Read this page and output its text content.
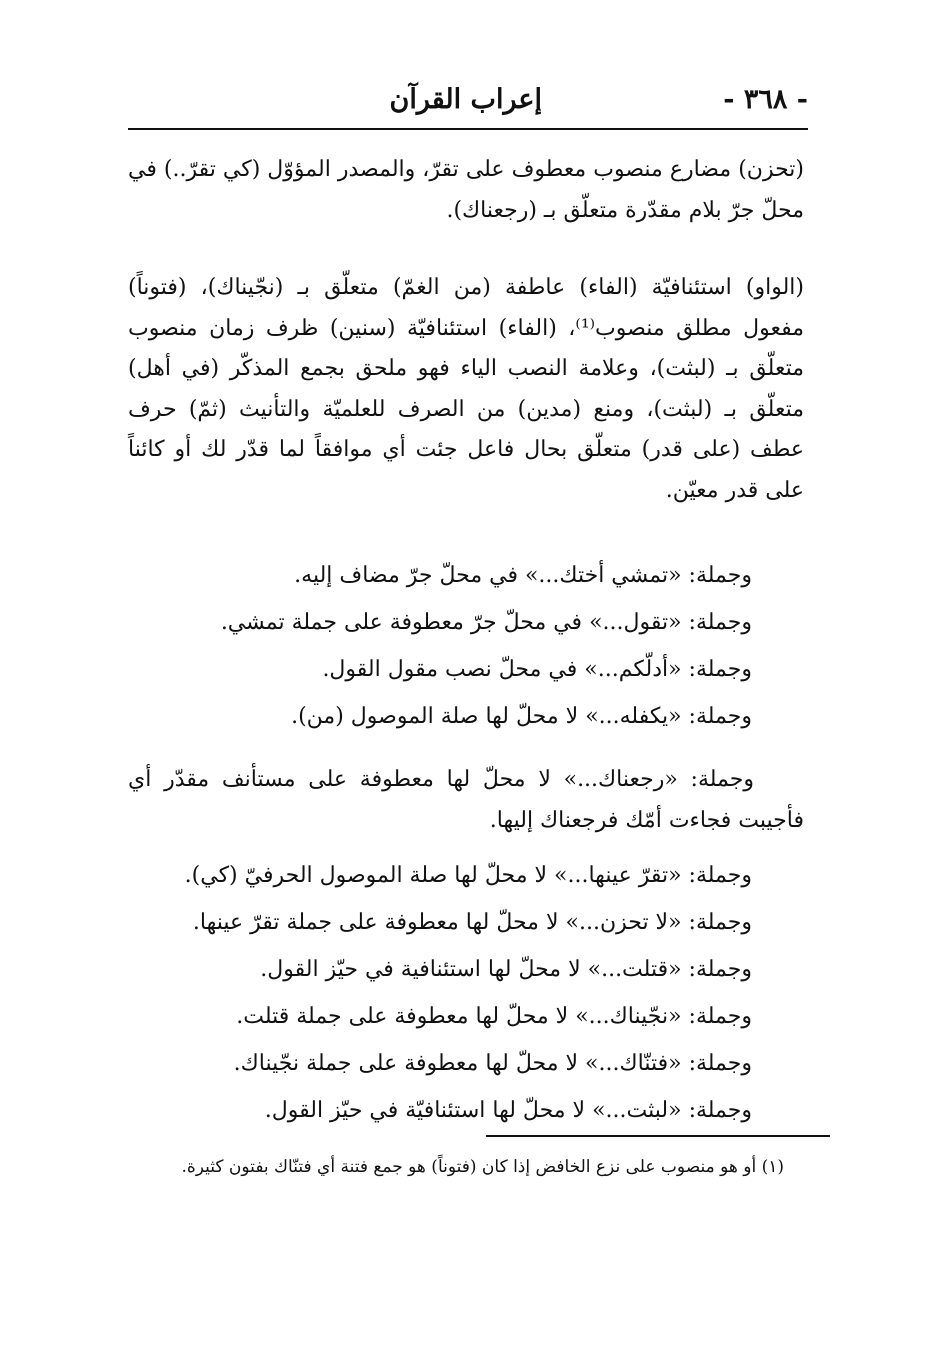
- ٣٦٨ -
إعراب القرآن
(تحزن) مضارع منصوب معطوف على تقرّ، والمصدر المؤوّل (كي تقرّ..) في محلّ جرّ بلام مقدّرة متعلّق بـ (رجعناك).
(الواو) استئنافيّة (الفاء) عاطفة (من الغمّ) متعلّق بـ (نجّيناك)، (فتوناً) مفعول مطلق منصوب⁽¹⁾، (الفاء) استئنافيّة (سنين) ظرف زمان منصوب متعلّق بـ (لبثت)، وعلامة النصب الياء فهو ملحق بجمع المذكّر (في أهل) متعلّق بـ (لبثت)، ومنع (مدين) من الصرف للعلميّة والتأنيث (ثمّ) حرف عطف (على قدر) متعلّق بحال فاعل جئت أي موافقاً لما قدّر لك أو كائناً على قدر معيّن.
وجملة: «تمشي أختك...» في محلّ جرّ مضاف إليه.
وجملة: «تقول...» في محلّ جرّ معطوفة على جملة تمشي.
وجملة: «أدلّكم...» في محلّ نصب مقول القول.
وجملة: «يكفله...» لا محلّ لها صلة الموصول (من).
وجملة: «رجعناك...» لا محلّ لها معطوفة على مستأنف مقدّر أي
فأجيبت فجاءت أمّك فرجعناك إليها.
وجملة: «تقرّ عينها...» لا محلّ لها صلة الموصول الحرفيّ (كي).
وجملة: «لا تحزن...» لا محلّ لها معطوفة على جملة تقرّ عينها.
وجملة: «قتلت...» لا محلّ لها استئنافية في حيّز القول.
وجملة: «نجّيناك...» لا محلّ لها معطوفة على جملة قتلت.
وجملة: «فتنّاك...» لا محلّ لها معطوفة على جملة نجّيناك.
وجملة: «لبثت...» لا محلّ لها استئنافيّة في حيّز القول.
(١) أو هو منصوب على نزع الخافض إذا كان (فتوناً) هو جمع فتنة أي فتنّاك بفتون كثيرة.
